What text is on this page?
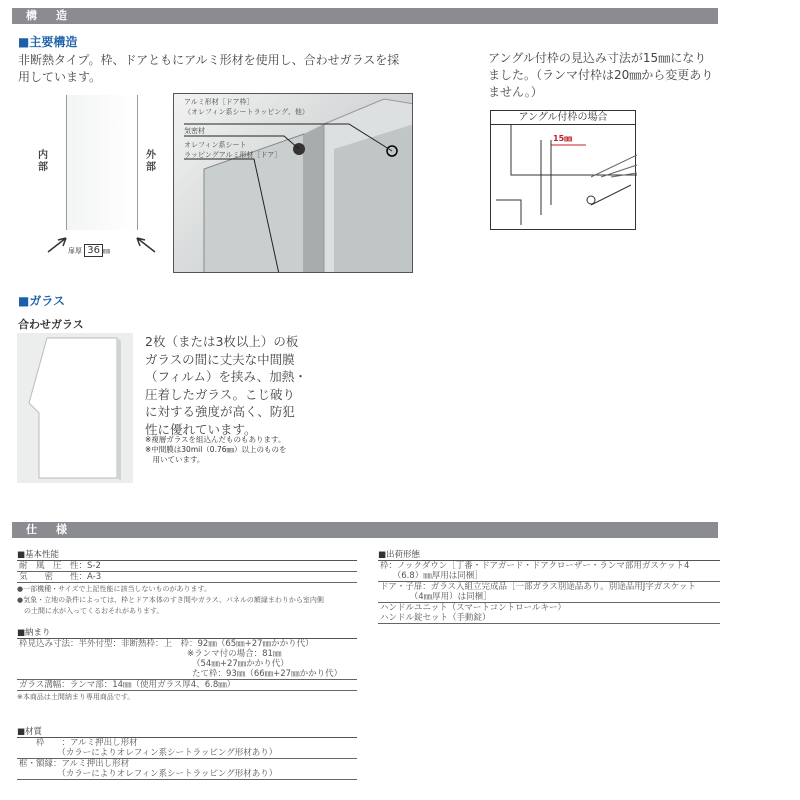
構　造
■主要構造
非断熱タイプ。枠、ドアともにアルミ形材を使用し、合わせガラスを採
用しています。
内部
外部
扉厚 36 ㎜
アルミ形材［ドア枠］
（オレフィン系シートラッピング、他）
気密材
オレフィン系シート
ラッピングアルミ形材［ドア］
アングル付枠の見込み寸法が15㎜になり
ました。（ランマ付枠は20㎜から変更あり
ません。）
アングル付枠の場合
15㎜
■ガラス
合わせガラス
2枚（または3枚以上）の板
ガラスの間に丈夫な中間膜
（フィルム）を挟み、加熱・
圧着したガラス。こじ破り
に対する強度が高く、防犯
性に優れています。
※複層ガラスを組込んだものもあります。
※中間膜は30mil（0.76㎜）以上のものを
　用いています。
仕　様
■基本性能
耐　風　圧　性：S-2
気　　密　　性：A-3
●一部機種・サイズで上記性能に該当しないものがあります。
●気象・立地の条件によっては、枠とドア本体のすき間やガラス、パネルの額縁まわりから室内側
　の土間に水が入ってくるおそれがあります。
■納まり
枠見込み寸法：半外付型：非断熱枠：上　枠：92㎜（65㎜+27㎜かかり代）
※ランマ付の場合：81㎜
（54㎜+27㎜かかり代）
たて枠：93㎜（66㎜+27㎜かかり代）
ガラス溝幅：ランマ部：14㎜（使用ガラス厚4、6.8㎜）
※本商品は土間納まり専用商品です。
■材質
　　枠　　：アルミ押出し形材
　　　　　（カラーによりオレフィン系シートラッピング形材あり）
框・額縁：アルミ押出し形材
　　　　　（カラーによりオレフィン系シートラッピング形材あり）
■出荷形態
枠：ノックダウン［丁番・ドアガード・ドアクローザー・ランマ部用ガスケット4
　　（6.8）㎜厚用は同梱］
ドア・子扉：ガラス入組立完成品［一部ガラス別途品あり。別途品用J字ガスケット
　　　　（4㎜厚用）は同梱］
ハンドルユニット（スマートコントロールキー）
ハンドル錠セット（手動錠）
